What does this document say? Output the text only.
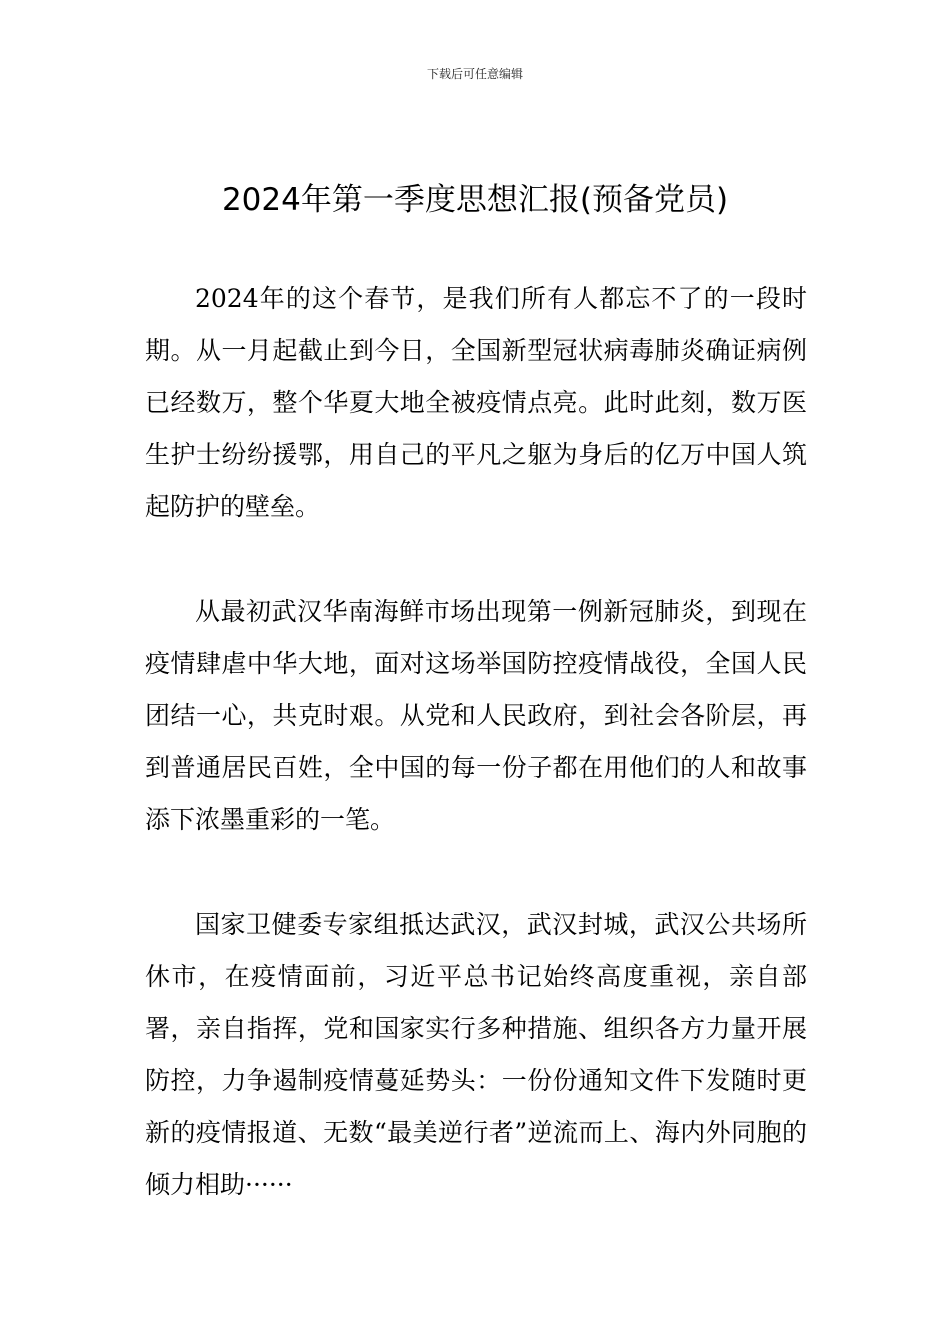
下载后可任意编辑
2024年第一季度思想汇报(预备党员)

2024年的这个春节，是我们所有人都忘不了的一段时期。从一月起截止到今日，全国新型冠状病毒肺炎确证病例已经数万，整个华夏大地全被疫情点亮。此时此刻，数万医生护士纷纷援鄂，用自己的平凡之躯为身后的亿万中国人筑起防护的壁垒。

从最初武汉华南海鲜市场出现第一例新冠肺炎，到现在疫情肆虐中华大地，面对这场举国防控疫情战役，全国人民团结一心，共克时艰。从党和人民政府，到社会各阶层，再到普通居民百姓，全中国的每一份子都在用他们的人和故事添下浓墨重彩的一笔。

国家卫健委专家组抵达武汉，武汉封城，武汉公共场所休市，在疫情面前，习近平总书记始终高度重视，亲自部署，亲自指挥，党和国家实行多种措施、组织各方力量开展防控，力争遏制疫情蔓延势头：一份份通知文件下发随时更新的疫情报道、无数“最美逆行者”逆流而上、海内外同胞的倾力相助······
